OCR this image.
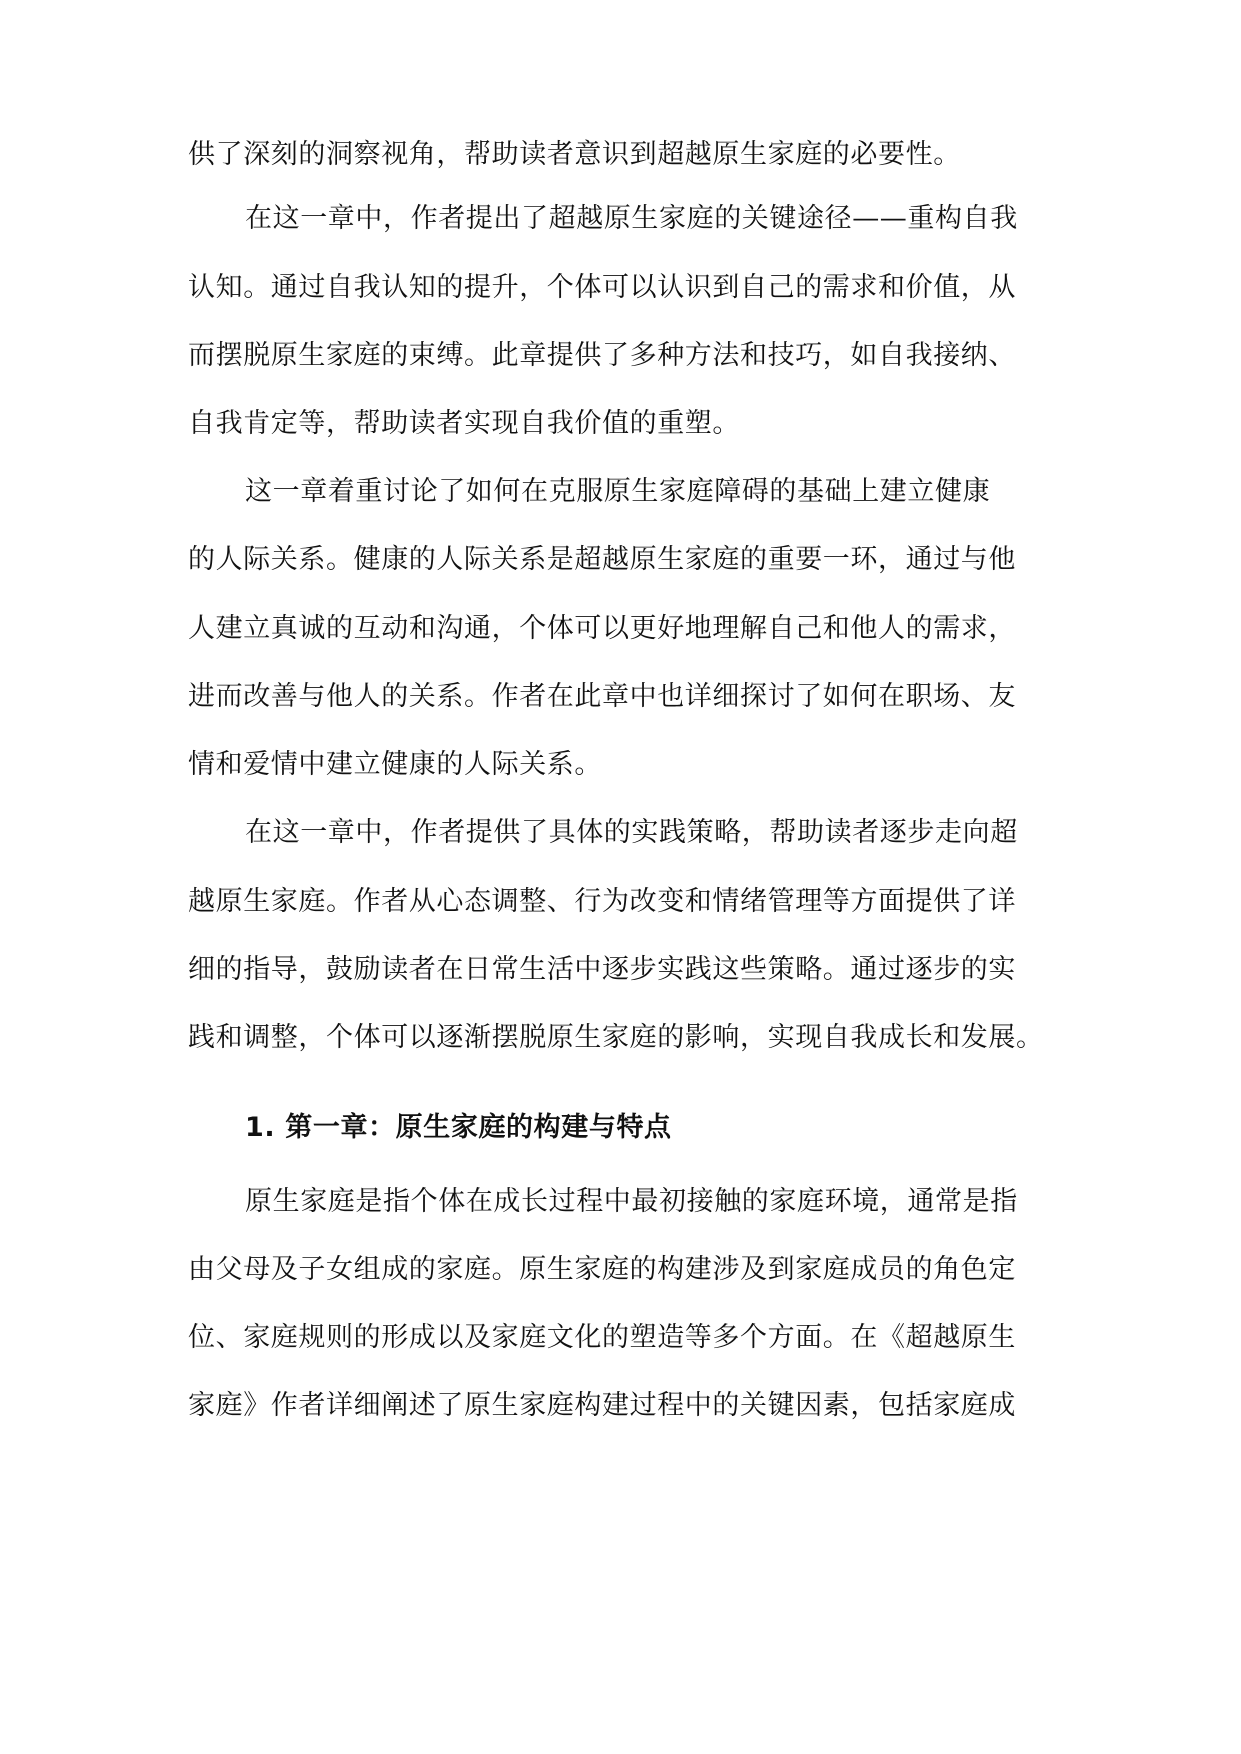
供了深刻的洞察视角，帮助读者意识到超越原生家庭的必要性。
在这一章中，作者提出了超越原生家庭的关键途径——重构自我
认知。通过自我认知的提升，个体可以认识到自己的需求和价值，从
而摆脱原生家庭的束缚。此章提供了多种方法和技巧，如自我接纳、
自我肯定等，帮助读者实现自我价值的重塑。
这一章着重讨论了如何在克服原生家庭障碍的基础上建立健康
的人际关系。健康的人际关系是超越原生家庭的重要一环，通过与他
人建立真诚的互动和沟通，个体可以更好地理解自己和他人的需求，
进而改善与他人的关系。作者在此章中也详细探讨了如何在职场、友
情和爱情中建立健康的人际关系。
在这一章中，作者提供了具体的实践策略，帮助读者逐步走向超
越原生家庭。作者从心态调整、行为改变和情绪管理等方面提供了详
细的指导，鼓励读者在日常生活中逐步实践这些策略。通过逐步的实
践和调整，个体可以逐渐摆脱原生家庭的影响，实现自我成长和发展。
1. 第一章：原生家庭的构建与特点
原生家庭是指个体在成长过程中最初接触的家庭环境，通常是指
由父母及子女组成的家庭。原生家庭的构建涉及到家庭成员的角色定
位、家庭规则的形成以及家庭文化的塑造等多个方面。在《超越原生
家庭》作者详细阐述了原生家庭构建过程中的关键因素，包括家庭成
